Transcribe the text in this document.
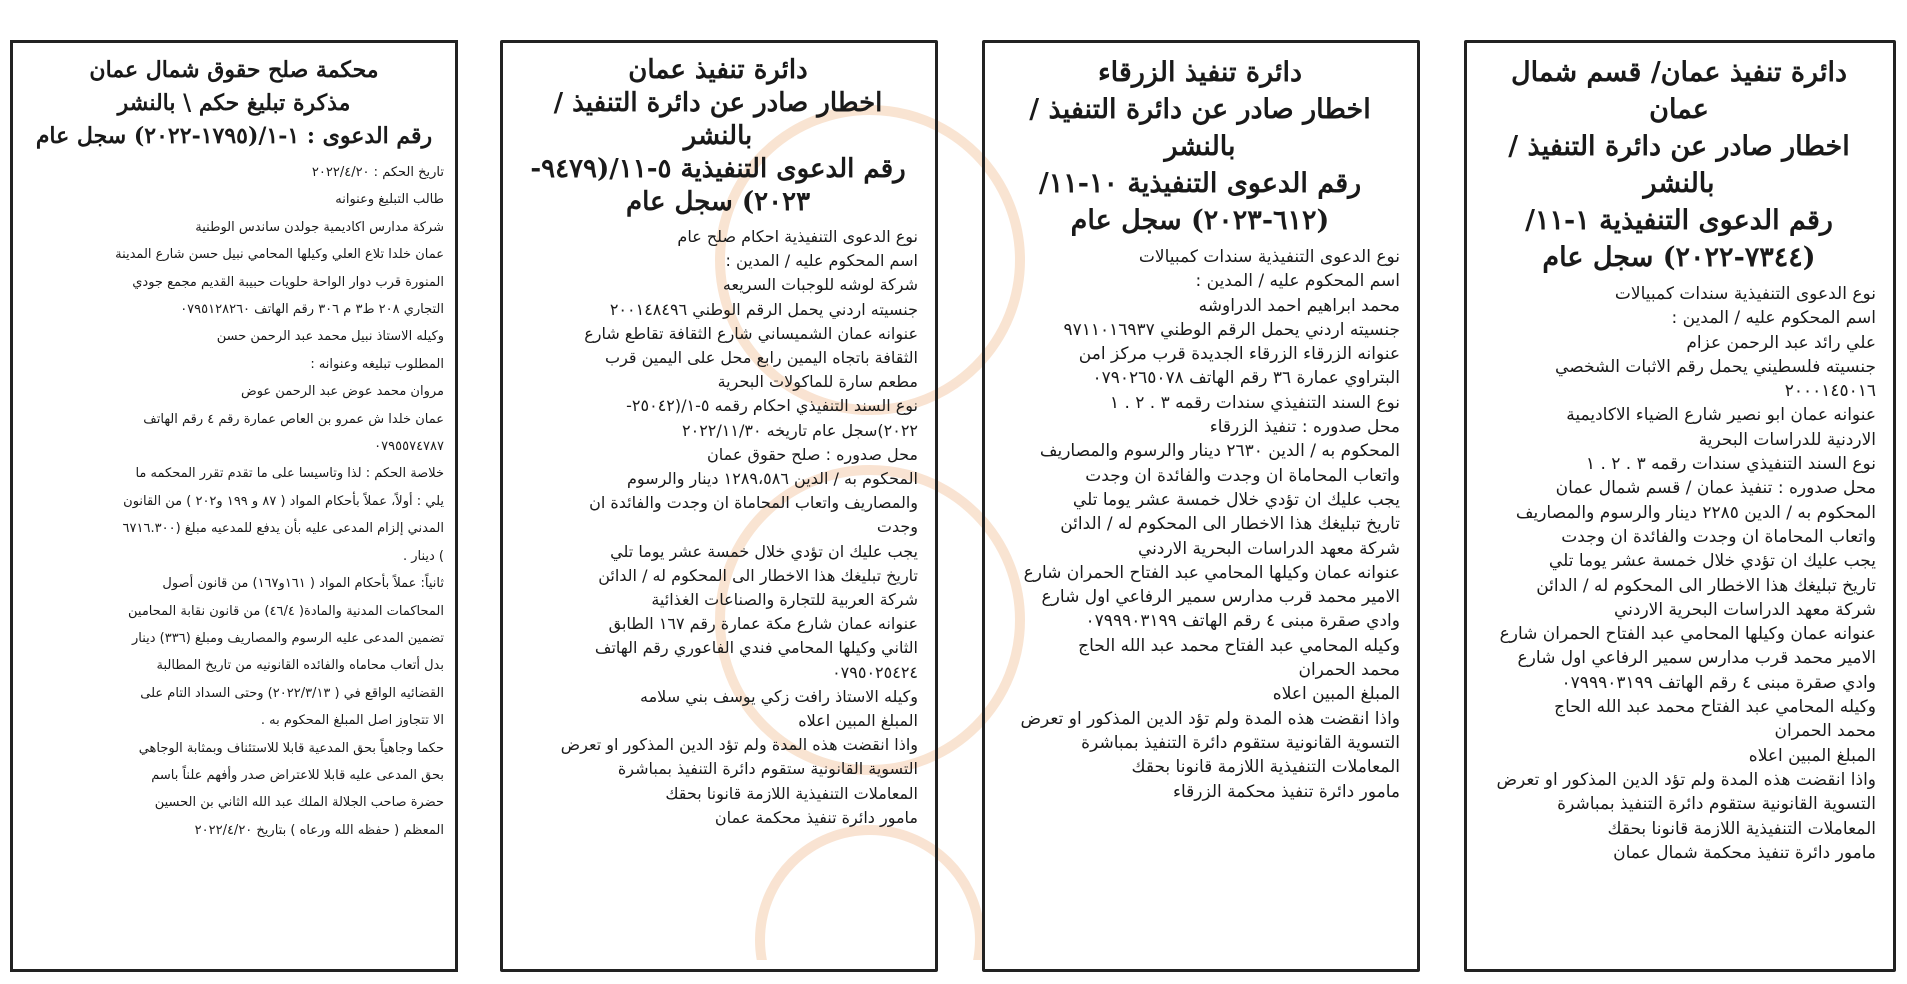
دائرة تنفيذ عمان/ قسم شمال عمان
اخطار صادر عن دائرة التنفيذ / بالنشر
رقم الدعوى التنفيذية ١-١١/
(٧٣٤٤-٢٠٢٢) سجل عام
نوع الدعوى التنفيذية سندات كمبيالات
اسم المحكوم عليه / المدين :
علي رائد عبد الرحمن عزام
جنسيته فلسطيني يحمل رقم الاثبات الشخصي
٢٠٠٠١٤٥٠١٦
عنوانه عمان ابو نصير شارع الضياء الاكاديمية
الاردنية للدراسات البحرية
نوع السند التنفيذي سندات رقمه ٣ . ٢ . ١
محل صدوره : تنفيذ عمان / قسم شمال عمان
المحكوم به / الدين ٢٢٨٥ دينار والرسوم والمصاريف
واتعاب المحاماة ان وجدت والفائدة ان وجدت
يجب عليك ان تؤدي خلال خمسة عشر يوما تلي
تاريخ تبليغك هذا الاخطار الى المحكوم له / الدائن
شركة معهد الدراسات البحرية الاردني
عنوانه عمان وكيلها المحامي عبد الفتاح الحمران شارع
الامير محمد قرب مدارس سمير الرفاعي اول شارع
وادي صقرة مبنى ٤ رقم الهاتف ٠٧٩٩٩٠٣١٩٩
وكيله المحامي عبد الفتاح محمد عبد الله الحاج
محمد الحمران
المبلغ المبين اعلاه
واذا انقضت هذه المدة ولم تؤد الدين المذكور او تعرض
التسوية القانونية ستقوم دائرة التنفيذ بمباشرة
المعاملات التنفيذية اللازمة قانونا بحقك
مامور دائرة تنفيذ محكمة شمال عمان
دائرة تنفيذ الزرقاء
اخطار صادر عن دائرة التنفيذ / بالنشر
رقم الدعوى التنفيذية ١٠-١١/
(٦١٢-٢٠٢٣) سجل عام
نوع الدعوى التنفيذية سندات كمبيالات
اسم المحكوم عليه / المدين :
محمد ابراهيم احمد الدراوشه
جنسيته اردني يحمل الرقم الوطني ٩٧١١٠١٦٩٣٧
عنوانه الزرقاء الزرقاء الجديدة قرب مركز امن
البتراوي عمارة ٣٦ رقم الهاتف ٠٧٩٠٢٦٥٠٧٨
نوع السند التنفيذي سندات رقمه ٣ . ٢ . ١
محل صدوره : تنفيذ الزرقاء
المحكوم به / الدين ٢٦٣٠ دينار والرسوم والمصاريف
واتعاب المحاماة ان وجدت والفائدة ان وجدت
يجب عليك ان تؤدي خلال خمسة عشر يوما تلي
تاريخ تبليغك هذا الاخطار الى المحكوم له / الدائن
شركة معهد الدراسات البحرية الاردني
عنوانه عمان وكيلها المحامي عبد الفتاح الحمران شارع
الامير محمد قرب مدارس سمير الرفاعي اول شارع
وادي صقرة مبنى ٤ رقم الهاتف ٠٧٩٩٩٠٣١٩٩
وكيله المحامي عبد الفتاح محمد عبد الله الحاج
محمد الحمران
المبلغ المبين اعلاه
واذا انقضت هذه المدة ولم تؤد الدين المذكور او تعرض
التسوية القانونية ستقوم دائرة التنفيذ بمباشرة
المعاملات التنفيذية اللازمة قانونا بحقك
مامور دائرة تنفيذ محكمة الزرقاء
دائرة تنفيذ عمان
اخطار صادر عن دائرة التنفيذ / بالنشر
رقم الدعوى التنفيذية ٥-١١/(٩٤٧٩-
٢٠٢٣) سجل عام
نوع الدعوى التنفيذية احكام صلح عام
اسم المحكوم عليه / المدين :
شركة لوشه للوجبات السريعه
جنسيته اردني يحمل الرقم الوطني ٢٠٠١٤٨٤٩٦
عنوانه عمان الشميساني شارع الثقافة تقاطع شارع
الثقافة باتجاه اليمين رابع محل على اليمين قرب
مطعم سارة للماكولات البحرية
نوع السند التنفيذي احكام رقمه ٥-١/(٢٥٠٤٢-
٢٠٢٢)سجل عام تاريخه ٢٠٢٢/١١/٣٠
محل صدوره : صلح حقوق عمان
المحكوم به / الدين ١٢٨٩،٥٨٦ دينار والرسوم
والمصاريف واتعاب المحاماة ان وجدت والفائدة ان
وجدت
يجب عليك ان تؤدي خلال خمسة عشر يوما تلي
تاريخ تبليغك هذا الاخطار الى المحكوم له / الدائن
شركة العربية للتجارة والصناعات الغذائية
عنوانه عمان شارع مكة عمارة رقم ١٦٧ الطابق
الثاني وكيلها المحامي فندي الفاعوري رقم الهاتف
٠٧٩٥٠٢٥٤٢٤
وكيله الاستاذ رافت زكي يوسف بني سلامه
المبلغ المبين اعلاه
واذا انقضت هذه المدة ولم تؤد الدين المذكور او تعرض
التسوية القانونية ستقوم دائرة التنفيذ بمباشرة
المعاملات التنفيذية اللازمة قانونا بحقك
مامور دائرة تنفيذ محكمة عمان
محكمة صلح حقوق شمال عمان
مذكرة تبليغ حكم \ بالنشر
رقم الدعوى : ١-١/(١٧٩٥-٢٠٢٢) سجل عام
تاريخ الحكم : ٢٠٢٢/٤/٢٠
طالب التبليغ وعنوانه
شركة مدارس اكاديمية جولدن ساندس الوطنية
عمان خلدا تلاع العلي وكيلها المحامي نبيل حسن شارع المدينة
المنورة قرب دوار الواحة حلويات حبيبة القديم مجمع جودي
التجاري ٢٠٨ ط٣ م ٣٠٦ رقم الهاتف ٠٧٩٥١٢٨٢٦٠
وكيله الاستاذ نبيل محمد عبد الرحمن حسن
المطلوب تبليغه وعنوانه :
مروان محمد عوض عبد الرحمن عوض
عمان خلدا ش عمرو بن العاص عمارة رقم ٤ رقم الهاتف
٠٧٩٥٥٧٤٧٨٧
خلاصة الحكم : لذا وتاسيسا على ما تقدم تقرر المحكمه ما
يلي : أولاً، عملاً بأحكام المواد ( ٨٧ و ١٩٩ و٢٠٢ ) من القانون
المدني إلزام المدعى عليه بأن يدفع للمدعيه مبلغ (٦٧١٦.٣٠٠
) دينار .
ثانياً: عملاً بأحكام المواد ( ١٦١و١٦٧) من قانون أصول
المحاكمات المدنية والمادة( ٤٦/٤) من قانون نقابة المحامين
تضمين المدعى عليه الرسوم والمصاريف ومبلغ (٣٣٦) دينار
بدل أتعاب محاماه والفائده القانونيه من تاريخ المطالبة
القضائيه الواقع في ( ٢٠٢٢/٣/١٣) وحتى السداد التام على
الا تتجاوز اصل المبلغ المحكوم به .
حكما وجاهياً بحق المدعية قابلا للاستئناف وبمثابة الوجاهي
بحق المدعى عليه قابلا للاعتراض صدر وأفهم علناً باسم
حضرة صاحب الجلالة الملك عبد الله الثاني بن الحسين
المعظم ( حفظه الله ورعاه ) بتاريخ ٢٠٢٢/٤/٢٠
